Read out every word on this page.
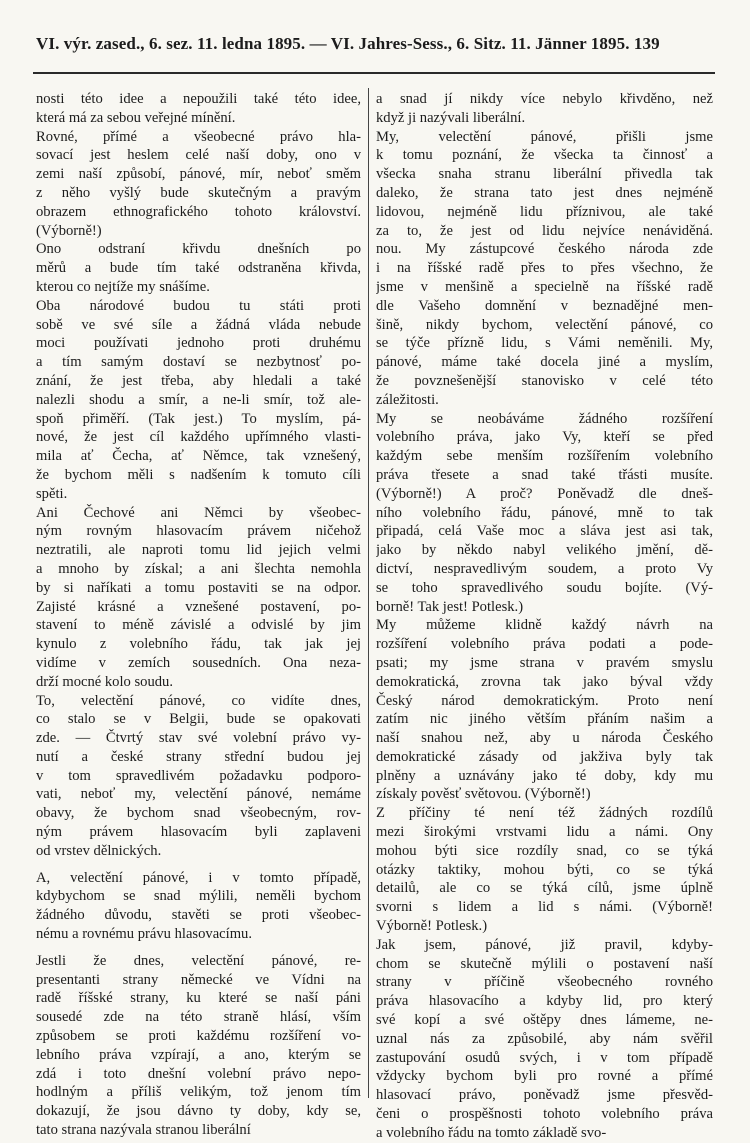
VI. výr. zased., 6. sez. 11. ledna 1895. — VI. Jahres-Sess., 6. Sitz. 11. Jänner 1895. 139
nosti této idee a nepoužili také této idee,
která má za sebou veřejné mínění.
Rovné, přímé a všeobecné právo hla-
sovací jest heslem celé naší doby, ono v
zemi naší způsobí, pánové, mír, neboť směm
z něho vyšlý bude skutečným a pravým
obrazem ethnografického tohoto království.
(Výborně!)
Ono odstraní křivdu dnešních po
měrů a bude tím také odstraněna křivda,
kterou co nejtíže my snášíme.
Oba národové budou tu státi proti
sobě ve své síle a žádná vláda nebude
moci používati jednoho proti druhému
a tím samým dostaví se nezbytnosť po-
znání, že jest třeba, aby hledali a také
nalezli shodu a smír, a ne-li smír, tož ale-
spoň přiměří. (Tak jest.) To myslím, pá-
nové, že jest cíl každého upřímného vlasti-
mila ať Čecha, ať Němce, tak vznešený,
že bychom měli s nadšením k tomuto cíli
spěti.
Ani Čechové ani Němci by všeobec-
ným rovným hlasovacím právem ničehož
neztratili, ale naproti tomu lid jejich velmi
a mnoho by získal; a ani šlechta nemohla
by si naříkati a tomu postaviti se na odpor.
Zajisté krásné a vznešené postavení, po-
stavení to méně závislé a odvislé by jim
kynulo z volebního řádu, tak jak jej
vidíme v zemích sousedních. Ona neza-
drží mocné kolo soudu.
To, velectění pánové, co vidíte dnes,
co stalo se v Belgii, bude se opakovati
zde. — Čtvrtý stav své volební právo vy-
nutí a české strany střední budou jej
v tom spravedlivém požadavku podporo-
vati, neboť my, velectění pánové, nemáme
obavy, že bychom snad všeobecným, rov-
ným právem hlasovacím byli zaplaveni
od vrstev dělnických.
A, velectění pánové, i v tomto případě,
kdybychom se snad mýlili, neměli bychom
žádného důvodu, stavěti se proti všeobec-
nému a rovnému právu hlasovacímu.
Jestli že dnes, velectění pánové, re-
presentanti strany německé ve Vídni na
radě říšské strany, ku které se naší páni
sousedé zde na této straně hlásí, vším
způsobem se proti každému rozšíření vo-
lebního práva vzpírají, a ano, kterým se
zdá i toto dnešní volební právo nepo-
hodlným a příliš velikým, tož jenom tím
dokazují, že jsou dávno ty doby, kdy se,
tato strana nazývala stranou liberální
a snad jí nikdy více nebylo křivděno, než
když ji nazývali liberální.
My, velectění pánové, přišli jsme
k tomu poznání, že všecka ta činnosť a
všecka snaha stranu liberální přivedla tak
daleko, že strana tato jest dnes nejméně
lidovou, nejméně lidu příznivou, ale také
za to, že jest od lidu nejvíce nenáviděná.
nou. My zástupcové českého národa zde
i na říšské radě přes to přes všechno, že
jsme v menšině a specielně na říšské radě
dle Vašeho domnění v beznadějné men-
šině, nikdy bychom, velectění pánové, co
se týče přízně lidu, s Vámi neměnili. My,
pánové, máme také docela jiné a myslím,
že povznešenější stanovisko v celé této
záležitosti.
My se neobáváme žádného rozšíření
volebního práva, jako Vy, kteří se před
každým sebe menším rozšířením volebního
práva třesete a snad také třásti musíte.
(Výborně!) A proč? Poněvadž dle dneš-
ního volebního řádu, pánové, mně to tak
připadá, celá Vaše moc a sláva jest asi tak,
jako by někdo nabyl velikého jmění, dě-
dictví, nespravedlivým soudem, a proto Vy
se toho spravedlivého soudu bojíte. (Vý-
borně! Tak jest! Potlesk.)
My můžeme klidně každý návrh na
rozšíření volebního práva podati a pode-
psati; my jsme strana v pravém smyslu
demokratická, zrovna tak jako býval vždy
Český národ demokratickým. Proto není
zatím nic jiného větším přáním našim a
naší snahou než, aby u národa Českého
demokratické zásady od jakživa byly tak
plněny a uznávány jako té doby, kdy mu
získaly pověsť světovou. (Výborně!)
Z příčiny té není též žádných rozdílů
mezi širokými vrstvami lidu a námi. Ony
mohou býti sice rozdíly snad, co se týká
otázky taktiky, mohou býti, co se týká
detailů, ale co se týká cílů, jsme úplně
svorni s lidem a lid s námi. (Výborně!
Výborně! Potlesk.)
Jak jsem, pánové, již pravil, kdyby-
chom se skutečně mýlili o postavení naší
strany v příčině všeobecného rovného
práva hlasovacího a kdyby lid, pro který
své kopí a své oštěpy dnes lámeme, ne-
uznal nás za způsobilé, aby nám svěřil
zastupování osudů svých, i v tom případě
vždycky bychom byli pro rovné a přímé
hlasovací právo, poněvadž jsme přesvěd-
čeni o prospěšnosti tohoto volebního práva
a volebního řádu na tomto základě svo-
